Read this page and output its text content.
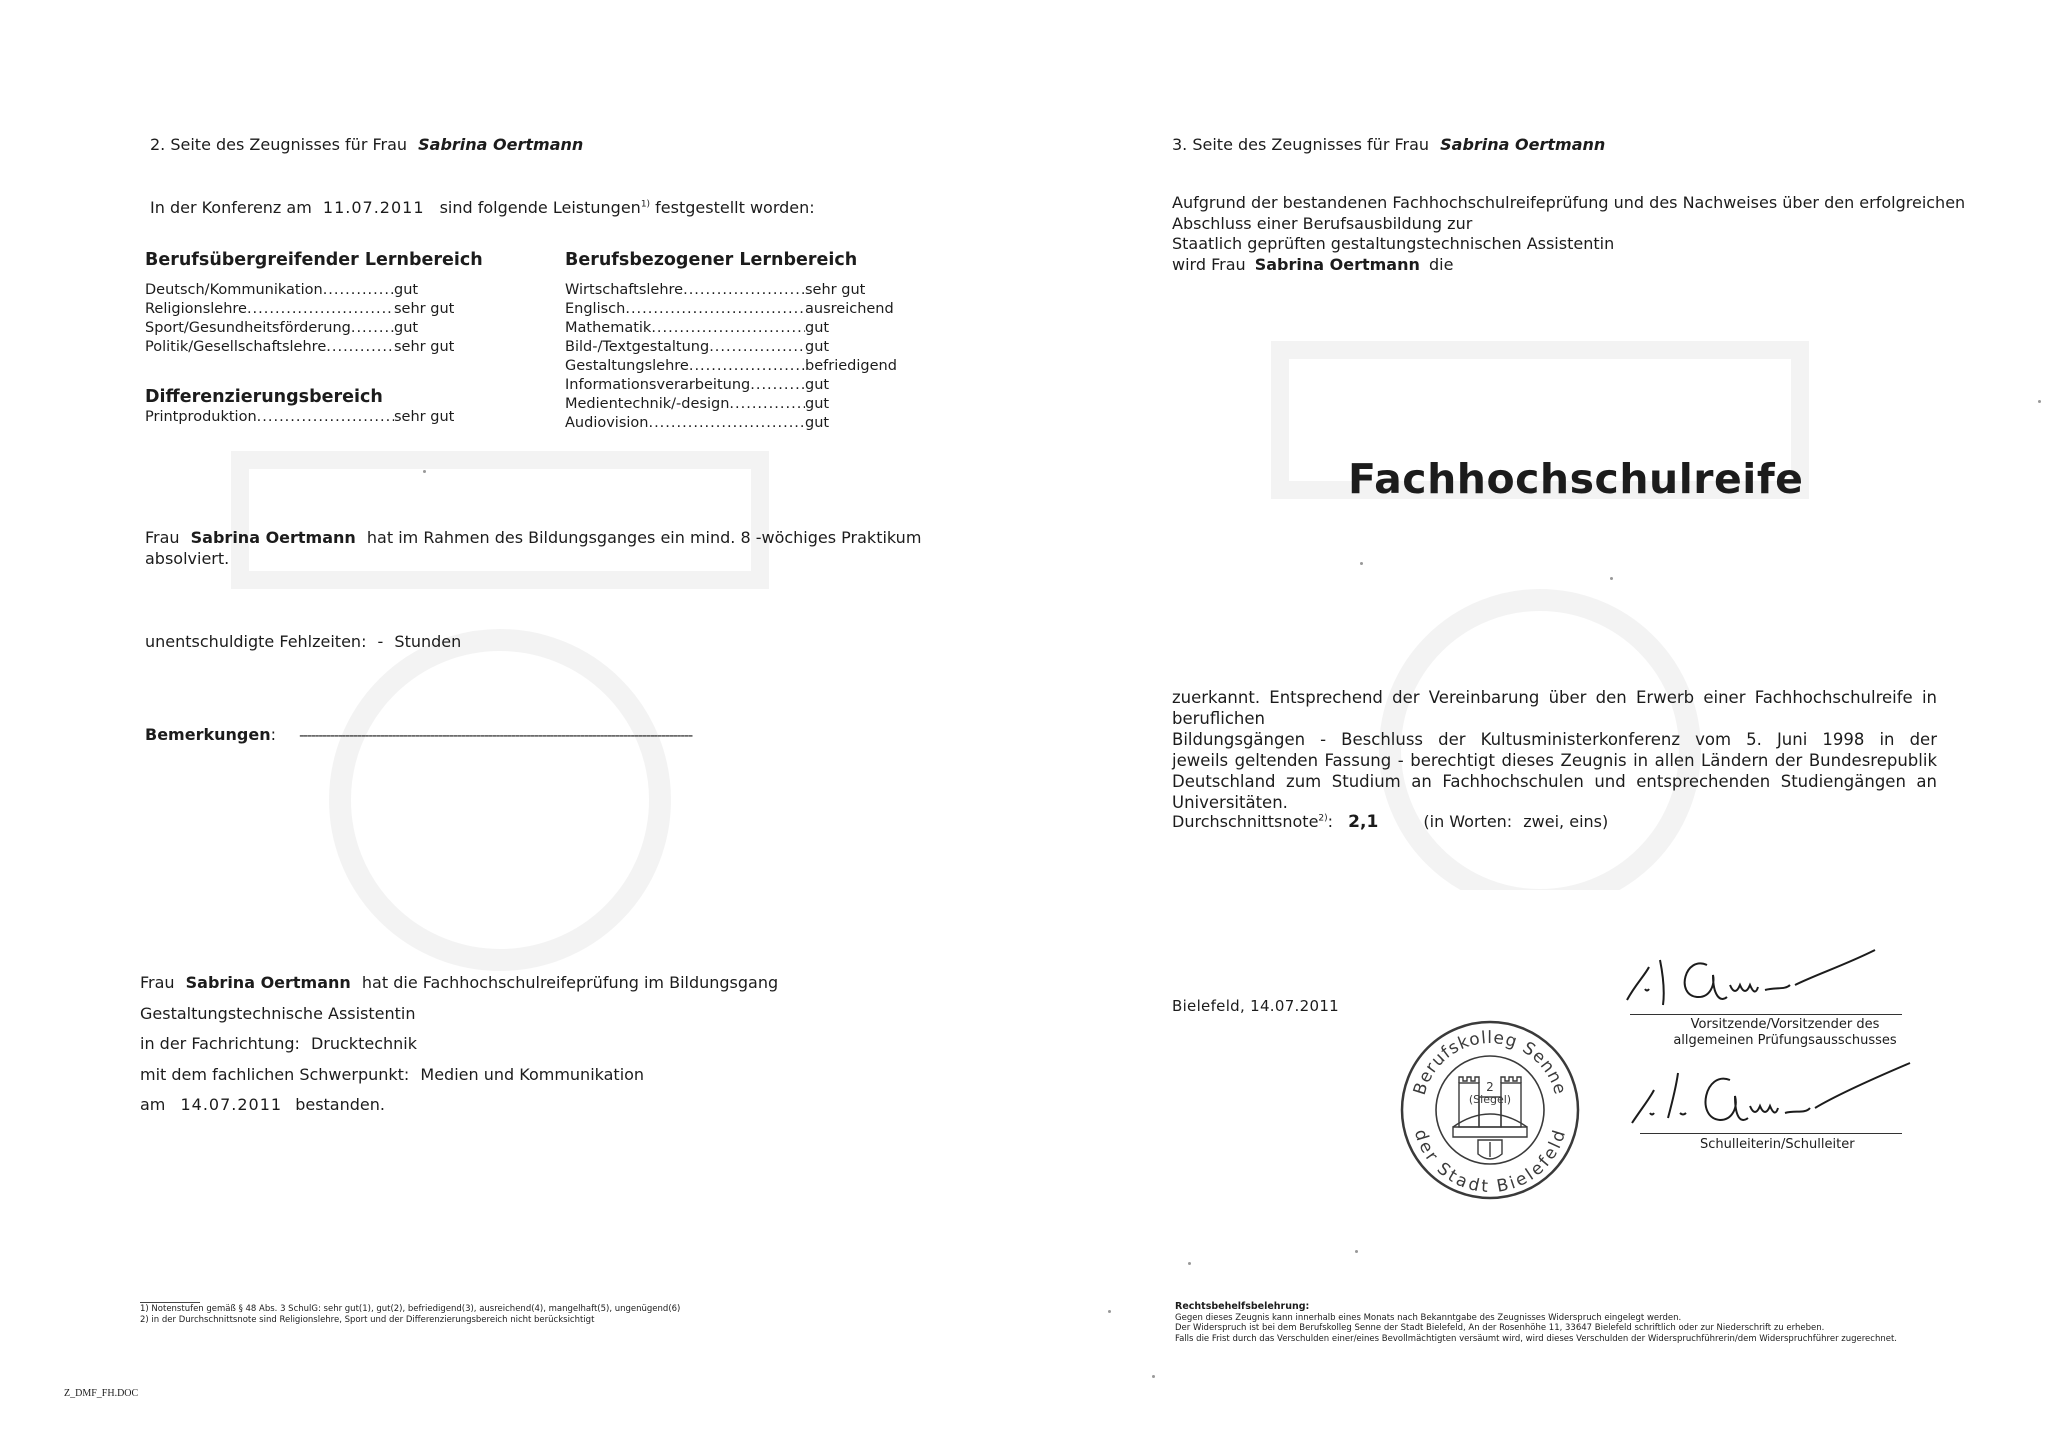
2. Seite des Zeugnisses für Frau Sabrina Oertmann
In der Konferenz am 11.07.2011 sind folgende Leistungen$^{1)}$ festgestellt worden:
Berufsübergreifender Lernbereich
Deutsch/Kommunikation .....	gut
Religionslehre .....	sehr gut
Sport/Gesundheitsförderung .....	gut
Politik/Gesellschaftslehre .....	sehr gut
Differenzierungsbereich
Printproduktion .....	sehr gut
Berufsbezogener Lernbereich
Wirtschaftslehre .....	sehr gut
Englisch .....	ausreichend
Mathematik .....	gut
Bild-/Textgestaltung .....	gut
Gestaltungslehre .....	befriedigend
Informationsverarbeitung .....	gut
Medientechnik/-design .....	gut
Audiovision .....	gut
Frau Sabrina Oertmann hat im Rahmen des Bildungsganges ein mind. 8 -wöchiges Praktikum
absolviert.
unentschuldigte Fehlzeiten: - Stunden
Bemerkungen: ------------------------------------------------------------------------------------------------------
Frau Sabrina Oertmann hat die Fachhochschulreifeprüfung im Bildungsgang
Gestaltungstechnische Assistentin
in der Fachrichtung: Drucktechnik
mit dem fachlichen Schwerpunkt: Medien und Kommunikation
am 14.07.2011 bestanden.
1) Notenstufen gemäß § 48 Abs. 3 SchulG: sehr gut(1), gut(2), befriedigend(3), ausreichend(4), mangelhaft(5), ungenügend(6)
2) in der Durchschnittsnote sind Religionslehre, Sport und der Differenzierungsbereich nicht berücksichtigt
Z_DMF_FH.DOC
3. Seite des Zeugnisses für Frau Sabrina Oertmann
Aufgrund der bestandenen Fachhochschulreifeprüfung und des Nachweises über den erfolgreichen
Abschluss einer Berufsausbildung zur
Staatlich geprüften gestaltungstechnischen Assistentin
wird Frau Sabrina Oertmann die
Fachhochschulreife

zuerkannt. Entsprechend der Vereinbarung über den Erwerb einer Fachhochschulreife in beruflichen

Bildungsgängen - Beschluss der Kultusministerkonferenz vom 5. Juni 1998 in der

jeweils geltenden Fassung - berechtigt dieses Zeugnis in allen Ländern der Bundesrepublik

Deutschland zum Studium an Fachhochschulen und entsprechenden Studiengängen an Universitäten.

Durchschnittsnote$^{2)}$: 2,1	(in Worten: zwei, eins)
Bielefeld, 14.07.2011
Vorsitzende/Vorsitzender des
allgemeinen Prüfungsausschusses
Schulleiterin/Schulleiter
Berufskolleg Senne
der Stadt Bielefeld
(Siegel)
2
Rechtsbehelfsbelehrung:
Gegen dieses Zeugnis kann innerhalb eines Monats nach Bekanntgabe des Zeugnisses Widerspruch eingelegt werden.
Der Widerspruch ist bei dem Berufskolleg Senne der Stadt Bielefeld, An der Rosenhöhe 11, 33647 Bielefeld schriftlich oder zur Niederschrift zu erheben.
Falls die Frist durch das Verschulden einer/eines Bevollmächtigten versäumt wird, wird dieses Verschulden der Widerspruchführerin/dem Widerspruchführer zugerechnet.
